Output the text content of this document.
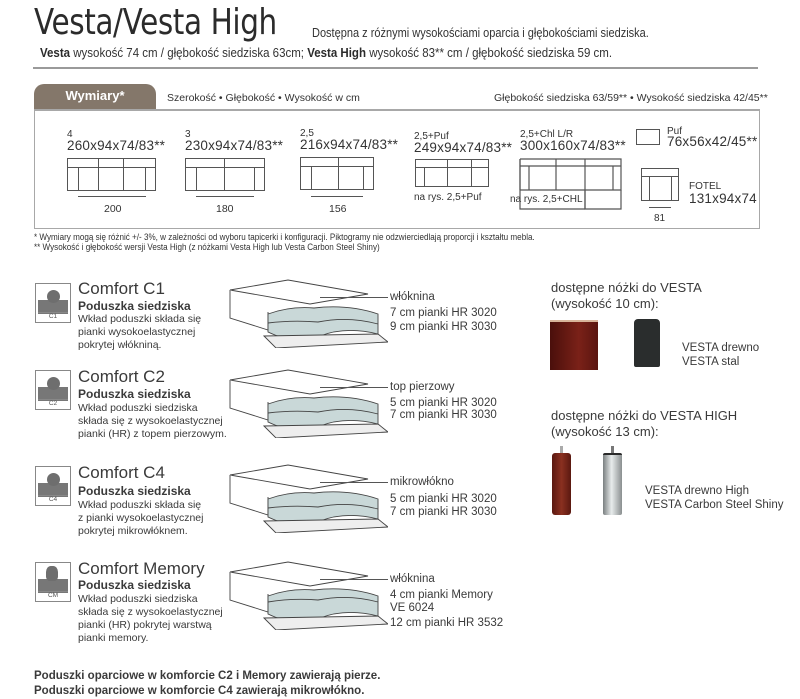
Vesta/Vesta High	Dostępna z różnymi wysokościami oparcia i głębokościami siedziska.
Vesta wysokość 74 cm / głębokość siedziska 63cm; Vesta High wysokość 83** cm / głębokość siedziska 59 cm.
Wymiary*	Szerokość • Głębokość • Wysokość w cm	Głębokość siedziska 63/59** • Wysokość siedziska 42/45**
4
260x94x74/83**
200
3
230x94x74/83**
180
2,5
216x94x74/83**
156
2,5+Puf
249x94x74/83**
na rys. 2,5+Puf
2,5+Chl L/R
300x160x74/83**
na rys. 2,5+CHL
Puf
76x56x42/45**
81
FOTEL
131x94x74
* Wymiary mogą się różnić +/- 3%, w zależności od wyboru tapicerki i konfiguracji. Piktogramy nie odzwierciedlają proporcji i kształtu mebla.
** Wysokość i głębokość wersji Vesta High (z nóżkami Vesta High lub Vesta Carbon Steel Shiny)
C1
Comfort C1
Poduszka siedziska
Wkład poduszki składa się
pianki wysokoelastycznej
pokrytej włókniną.
C2
Comfort C2
Poduszka siedziska
Wkład poduszki siedziska
składa się z wysokoelastycznej
pianki (HR) z topem pierzowym.
C4
Comfort C4
Poduszka siedziska
Wkład poduszki składa się
z pianki wysokoelastycznej
pokrytej mikrowłóknem.
CM
Comfort Memory
Poduszka siedziska
Wkład poduszki siedziska
składa się z wysokoelastycznej
pianki (HR) pokrytej warstwą
pianki memory.
włóknina
7 cm pianki HR 3020
9 cm pianki HR 3030
top pierzowy
5 cm pianki HR 3020
7 cm pianki HR 3030
mikrowłókno
5 cm pianki HR 3020
7 cm pianki HR 3030
włóknina
4 cm pianki Memory
VE 6024
12 cm pianki HR 3532
dostępne nóżki do VESTA
(wysokość 10 cm):
VESTA drewno
VESTA stal
dostępne nóżki do VESTA HIGH
(wysokość 13 cm):
VESTA drewno High
VESTA Carbon Steel Shiny
Poduszki oparciowe w komforcie C2 i Memory zawierają pierze.
Poduszki oparciowe w komforcie C4 zawierają mikrowłókno.
